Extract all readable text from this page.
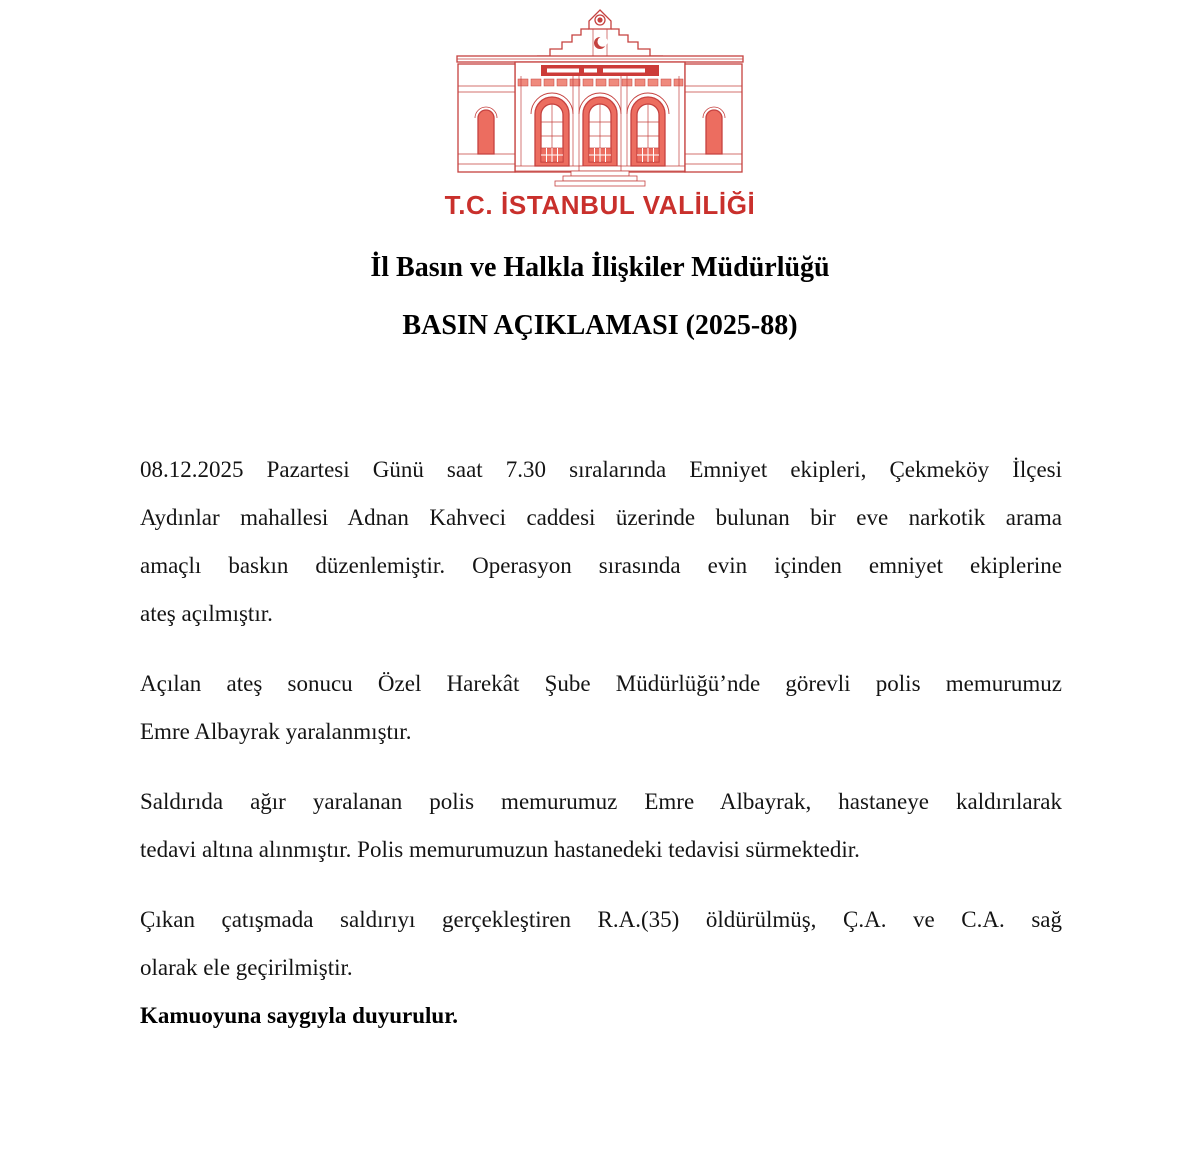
T.C. İSTANBUL VALİLİĞİ
İl Basın ve Halkla İlişkiler Müdürlüğü
BASIN AÇIKLAMASI (2025-88)
08.12.2025 Pazartesi Günü saat 7.30 sıralarında Emniyet ekipleri, Çekmeköy İlçesi
Aydınlar mahallesi Adnan Kahveci caddesi üzerinde bulunan bir eve narkotik arama
amaçlı baskın düzenlemiştir. Operasyon sırasında evin içinden emniyet ekiplerine
ateş açılmıştır.
Açılan ateş sonucu Özel Harekât Şube Müdürlüğü’nde görevli polis memurumuz
Emre Albayrak yaralanmıştır.
Saldırıda ağır yaralanan polis memurumuz Emre Albayrak, hastaneye kaldırılarak
tedavi altına alınmıştır. Polis memurumuzun hastanedeki tedavisi sürmektedir.
Çıkan çatışmada saldırıyı gerçekleştiren R.A.(35) öldürülmüş, Ç.A. ve C.A. sağ
olarak ele geçirilmiştir.

Kamuoyuna saygıyla duyurulur.
